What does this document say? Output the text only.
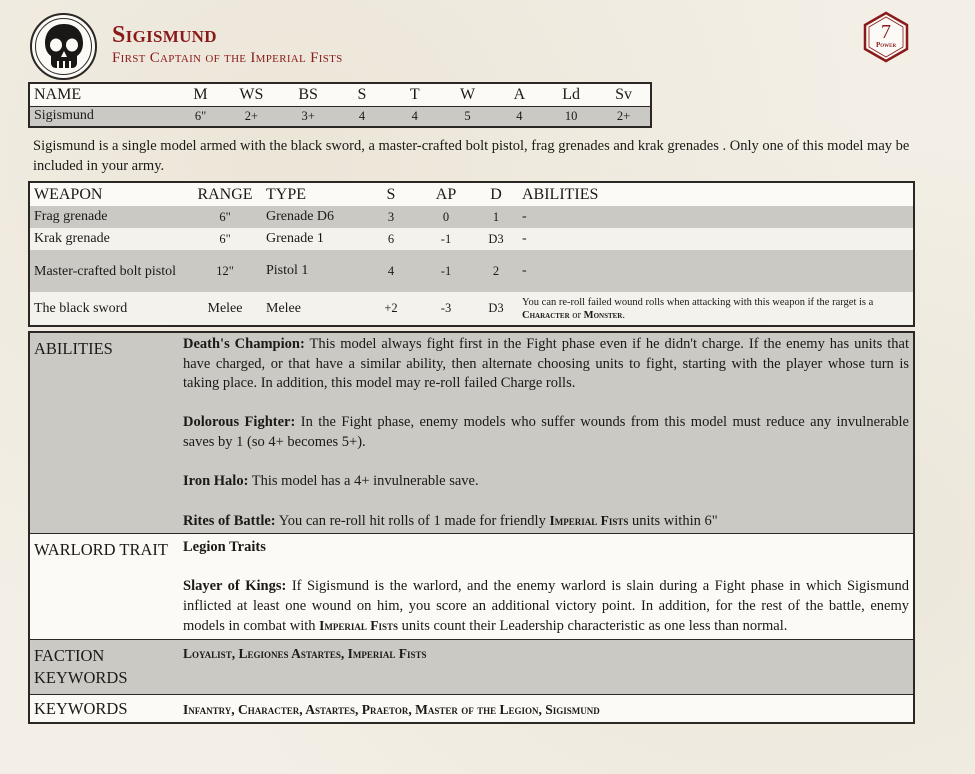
Sigismund
First Captain of the Imperial Fists
7
Power
NAME	M	WS	BS	S	T	W	A	Ld	Sv
Sigismund	6"	2+	3+	4	4	5	4	10	2+
Sigismund is a single model armed with the black sword, a master-crafted bolt pistol, frag grenades and krak grenades . Only one of this model may be included in your army.
WEAPON	RANGE	TYPE	S	AP	D	ABILITIES
Frag grenade	6"	Grenade D6	3	0	1	-
Krak grenade	6"	Grenade 1	6	-1	D3	-
Master-crafted bolt pistol	12"	Pistol 1	4	-1	2	-
The black sword	Melee	Melee	+2	-3	D3	You can re-roll failed wound rolls when attacking with this weapon if the rarget is a Character or Monster.
ABILITIES	Death's Champion: This model always fight first in the Fight phase even if he didn't charge. If the enemy has units that have charged, or that have a similar ability, then alternate choosing units to fight, starting with the player whose turn is taking place. In addition, this model may re-roll failed Charge rolls.

Dolorous Fighter: In the Fight phase, enemy models who suffer wounds from this model must reduce any invulnerable saves by 1 (so 4+ becomes 5+).

Iron Halo: This model has a 4+ invulnerable save.

Rites of Battle: You can re-roll hit rolls of 1 made for friendly Imperial Fists units within 6"

WARLORD TRAIT	Legion Traits

Slayer of Kings: If Sigismund is the warlord, and the enemy warlord is slain during a Fight phase in which Sigismund inflicted at least one wound on him, you score an additional victory point. In addition, for the rest of the battle, enemy models in combat with Imperial Fists units count their Leadership characteristic as one less than normal.

FACTION KEYWORDS	Loyalist, Legiones Astartes, Imperial Fists
KEYWORDS	Infantry, Character, Astartes, Praetor, Master of the Legion, Sigismund
